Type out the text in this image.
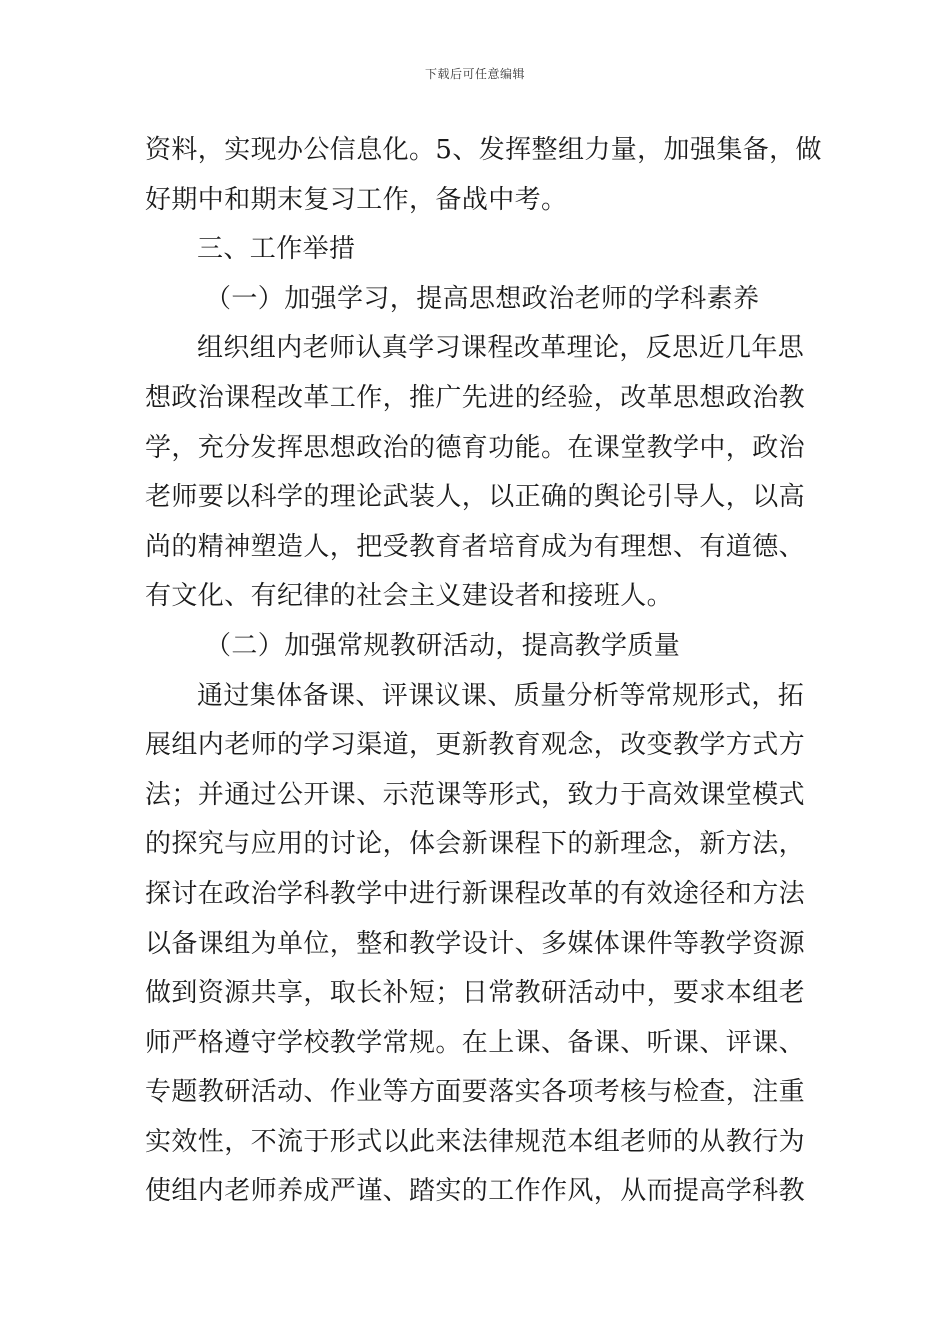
下载后可任意编辑
资料，实现办公信息化。5、发挥整组力量，加强集备，做
好期中和期末复习工作，备战中考。
三、工作举措
（一）加强学习，提高思想政治老师的学科素养
组织组内老师认真学习课程改革理论，反思近几年思
想政治课程改革工作，推广先进的经验，改革思想政治教
学，充分发挥思想政治的德育功能。在课堂教学中，政治
老师要以科学的理论武装人，以正确的舆论引导人，以高
尚的精神塑造人，把受教育者培育成为有理想、有道德、
有文化、有纪律的社会主义建设者和接班人。
（二）加强常规教研活动，提高教学质量
通过集体备课、评课议课、质量分析等常规形式，拓
展组内老师的学习渠道，更新教育观念，改变教学方式方
法；并通过公开课、示范课等形式，致力于高效课堂模式
的探究与应用的讨论，体会新课程下的新理念，新方法，
探讨在政治学科教学中进行新课程改革的有效途径和方法
以备课组为单位，整和教学设计、多媒体课件等教学资源
做到资源共享，取长补短；日常教研活动中，要求本组老
师严格遵守学校教学常规。在上课、备课、听课、评课、
专题教研活动、作业等方面要落实各项考核与检查，注重
实效性，不流于形式以此来法律规范本组老师的从教行为
使组内老师养成严谨、踏实的工作作风，从而提高学科教
